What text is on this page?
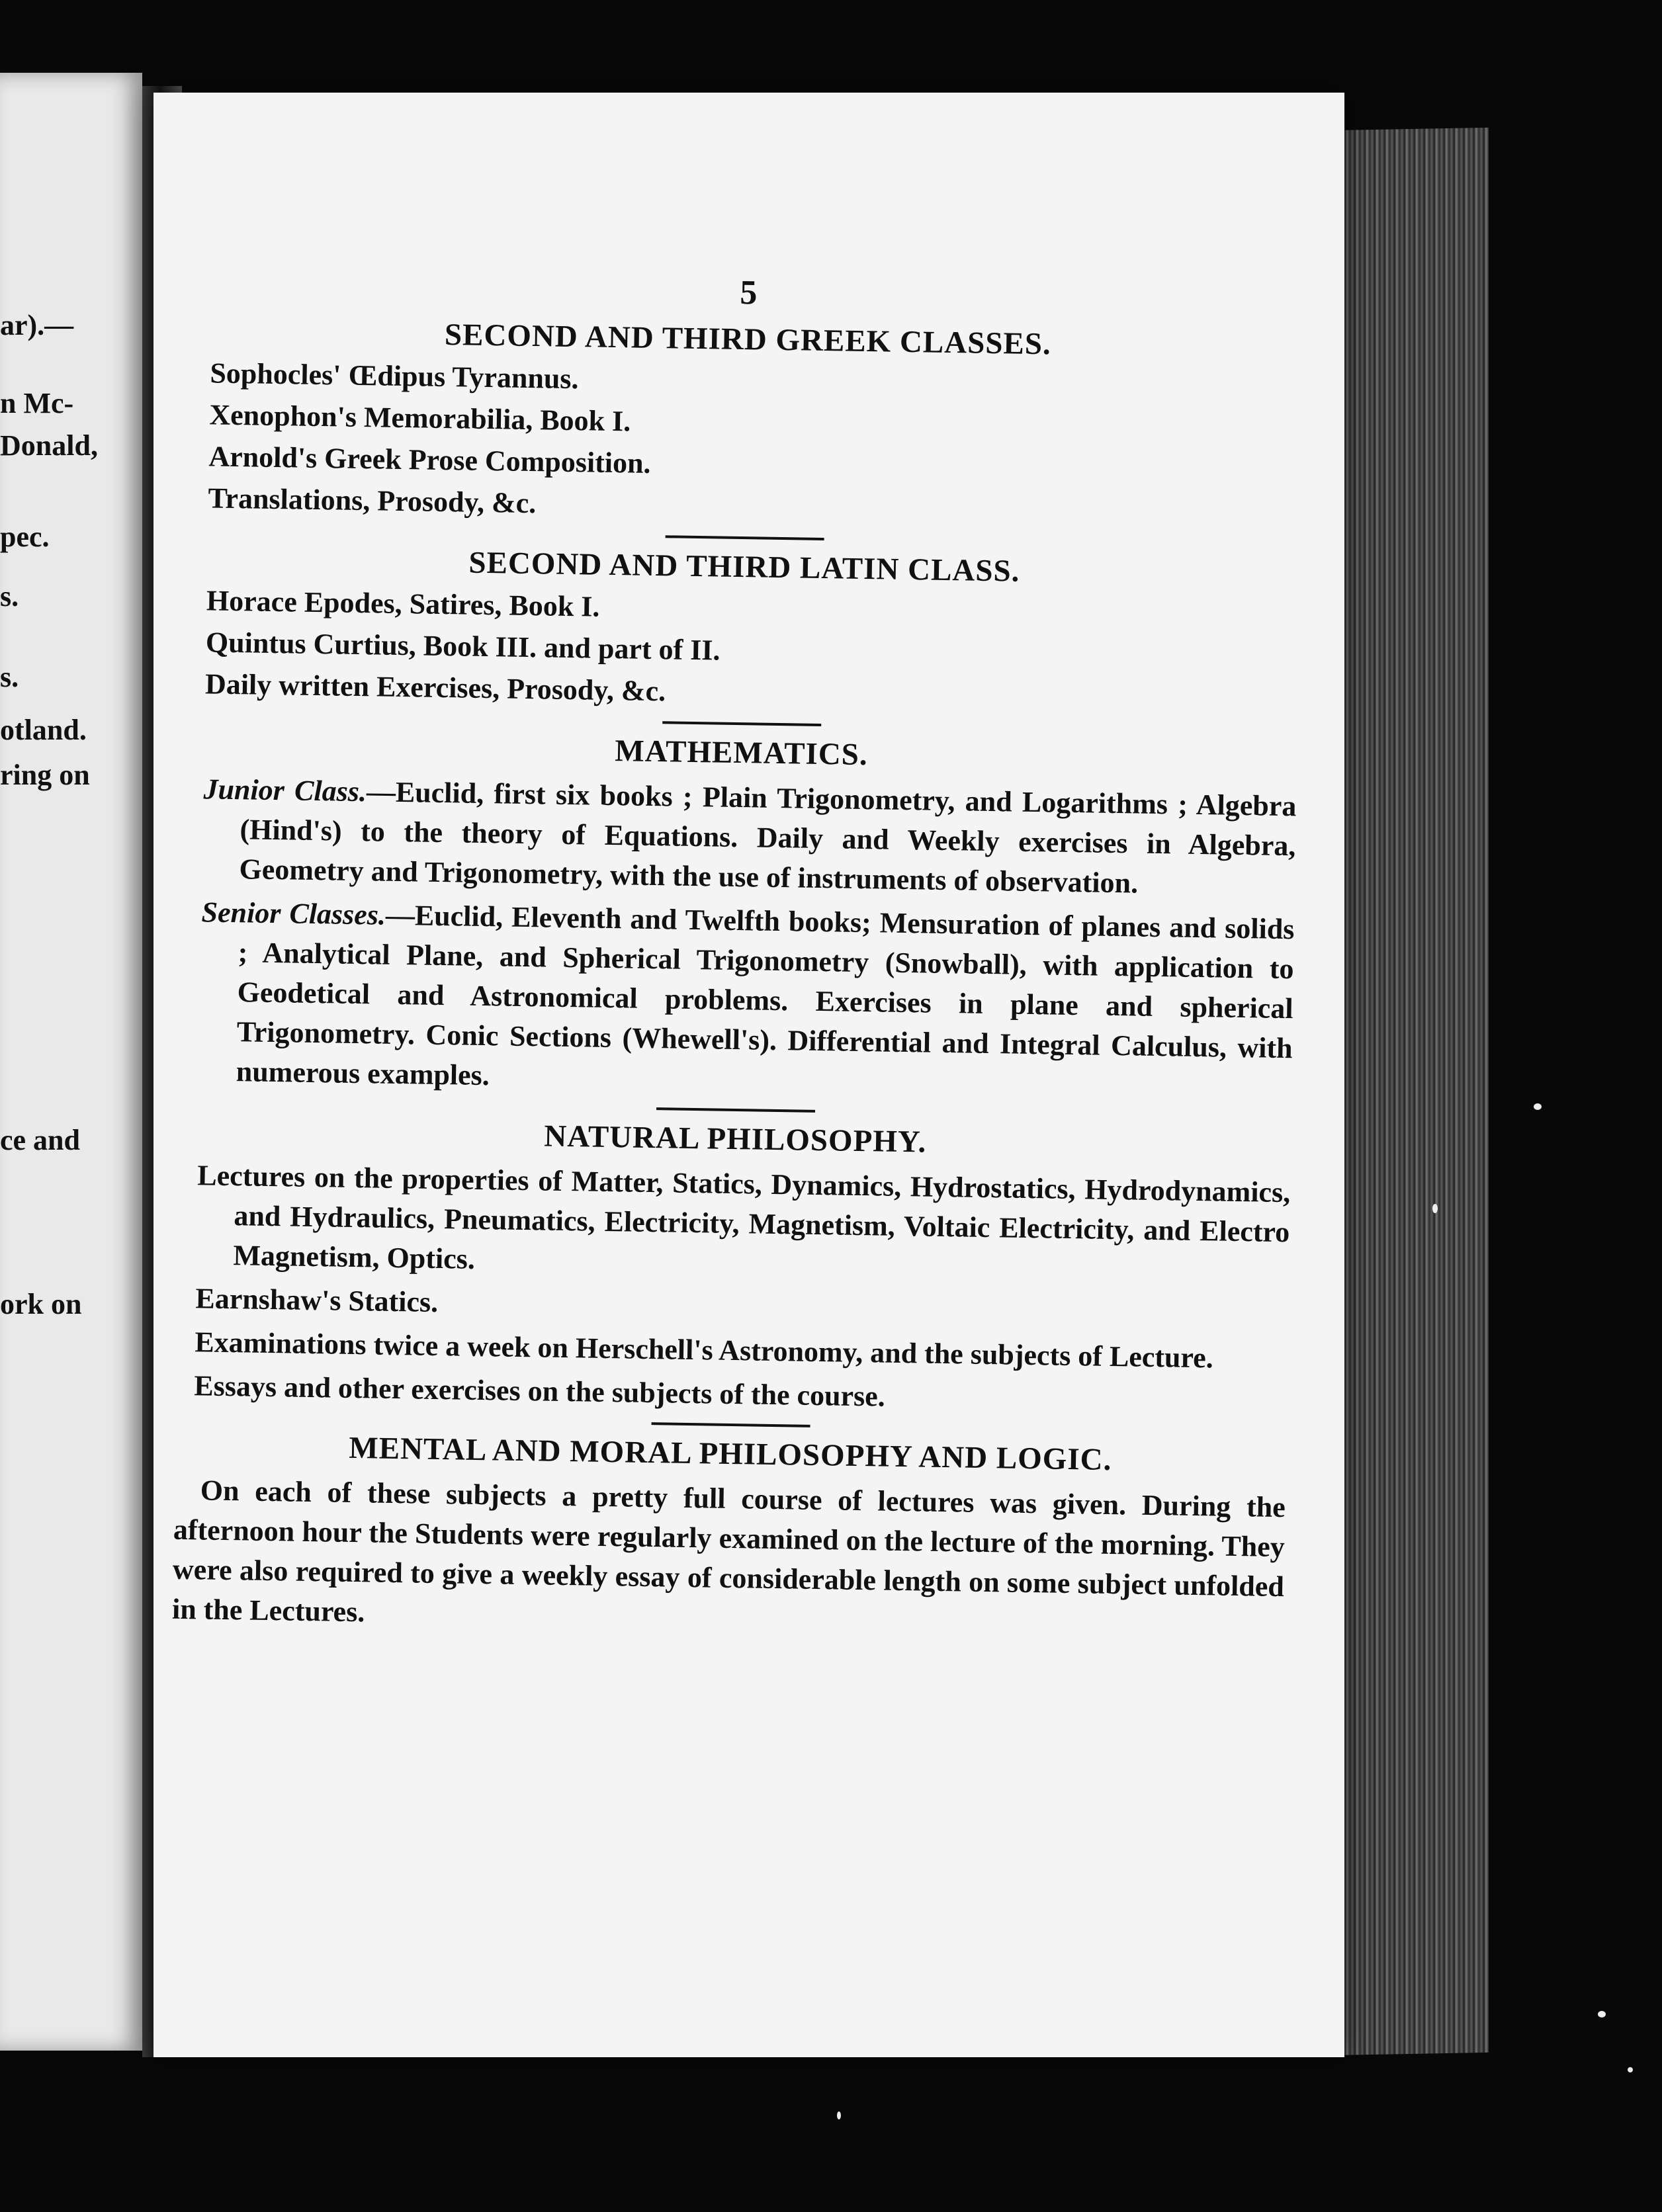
ar).—
n Mc-
Donald,
pec.
s.
s.
otland.
ring on
ce and
ork on

5

SECOND AND THIRD GREEK CLASSES.

Sophocles' Œdipus Tyrannus.

Xenophon's Memorabilia, Book I.

Arnold's Greek Prose Composition.

Translations, Prosody, &c.

SECOND AND THIRD LATIN CLASS.

Horace Epodes, Satires, Book I.

Quintus Curtius, Book III. and part of II.

Daily written Exercises, Prosody, &c.

MATHEMATICS.

Junior Class.—Euclid, first six books ; Plain Trigonometry, and Logarithms ; Algebra (Hind's) to the theory of Equations. Daily and Weekly exercises in Algebra, Geometry and Trigonometry, with the use of instruments of observation.

Senior Classes.—Euclid, Eleventh and Twelfth books; Mensuration of planes and solids ; Analytical Plane, and Spherical Trigonometry (Snowball), with application to Geodetical and Astronomical problems. Exercises in plane and spherical Trigonometry. Conic Sections (Whewell's). Differential and Integral Calculus, with numerous examples.

NATURAL PHILOSOPHY.

Lectures on the properties of Matter, Statics, Dynamics, Hydrostatics, Hydrodynamics, and Hydraulics, Pneumatics, Electricity, Magnetism, Voltaic Electricity, and Electro Magnetism, Optics.

Earnshaw's Statics.

Examinations twice a week on Herschell's Astronomy, and the subjects of Lecture.

Essays and other exercises on the subjects of the course.

MENTAL AND MORAL PHILOSOPHY AND LOGIC.

On each of these subjects a pretty full course of lectures was given. During the afternoon hour the Students were regularly examined on the lecture of the morning. They were also required to give a weekly essay of considerable length on some subject unfolded in the Lectures.
